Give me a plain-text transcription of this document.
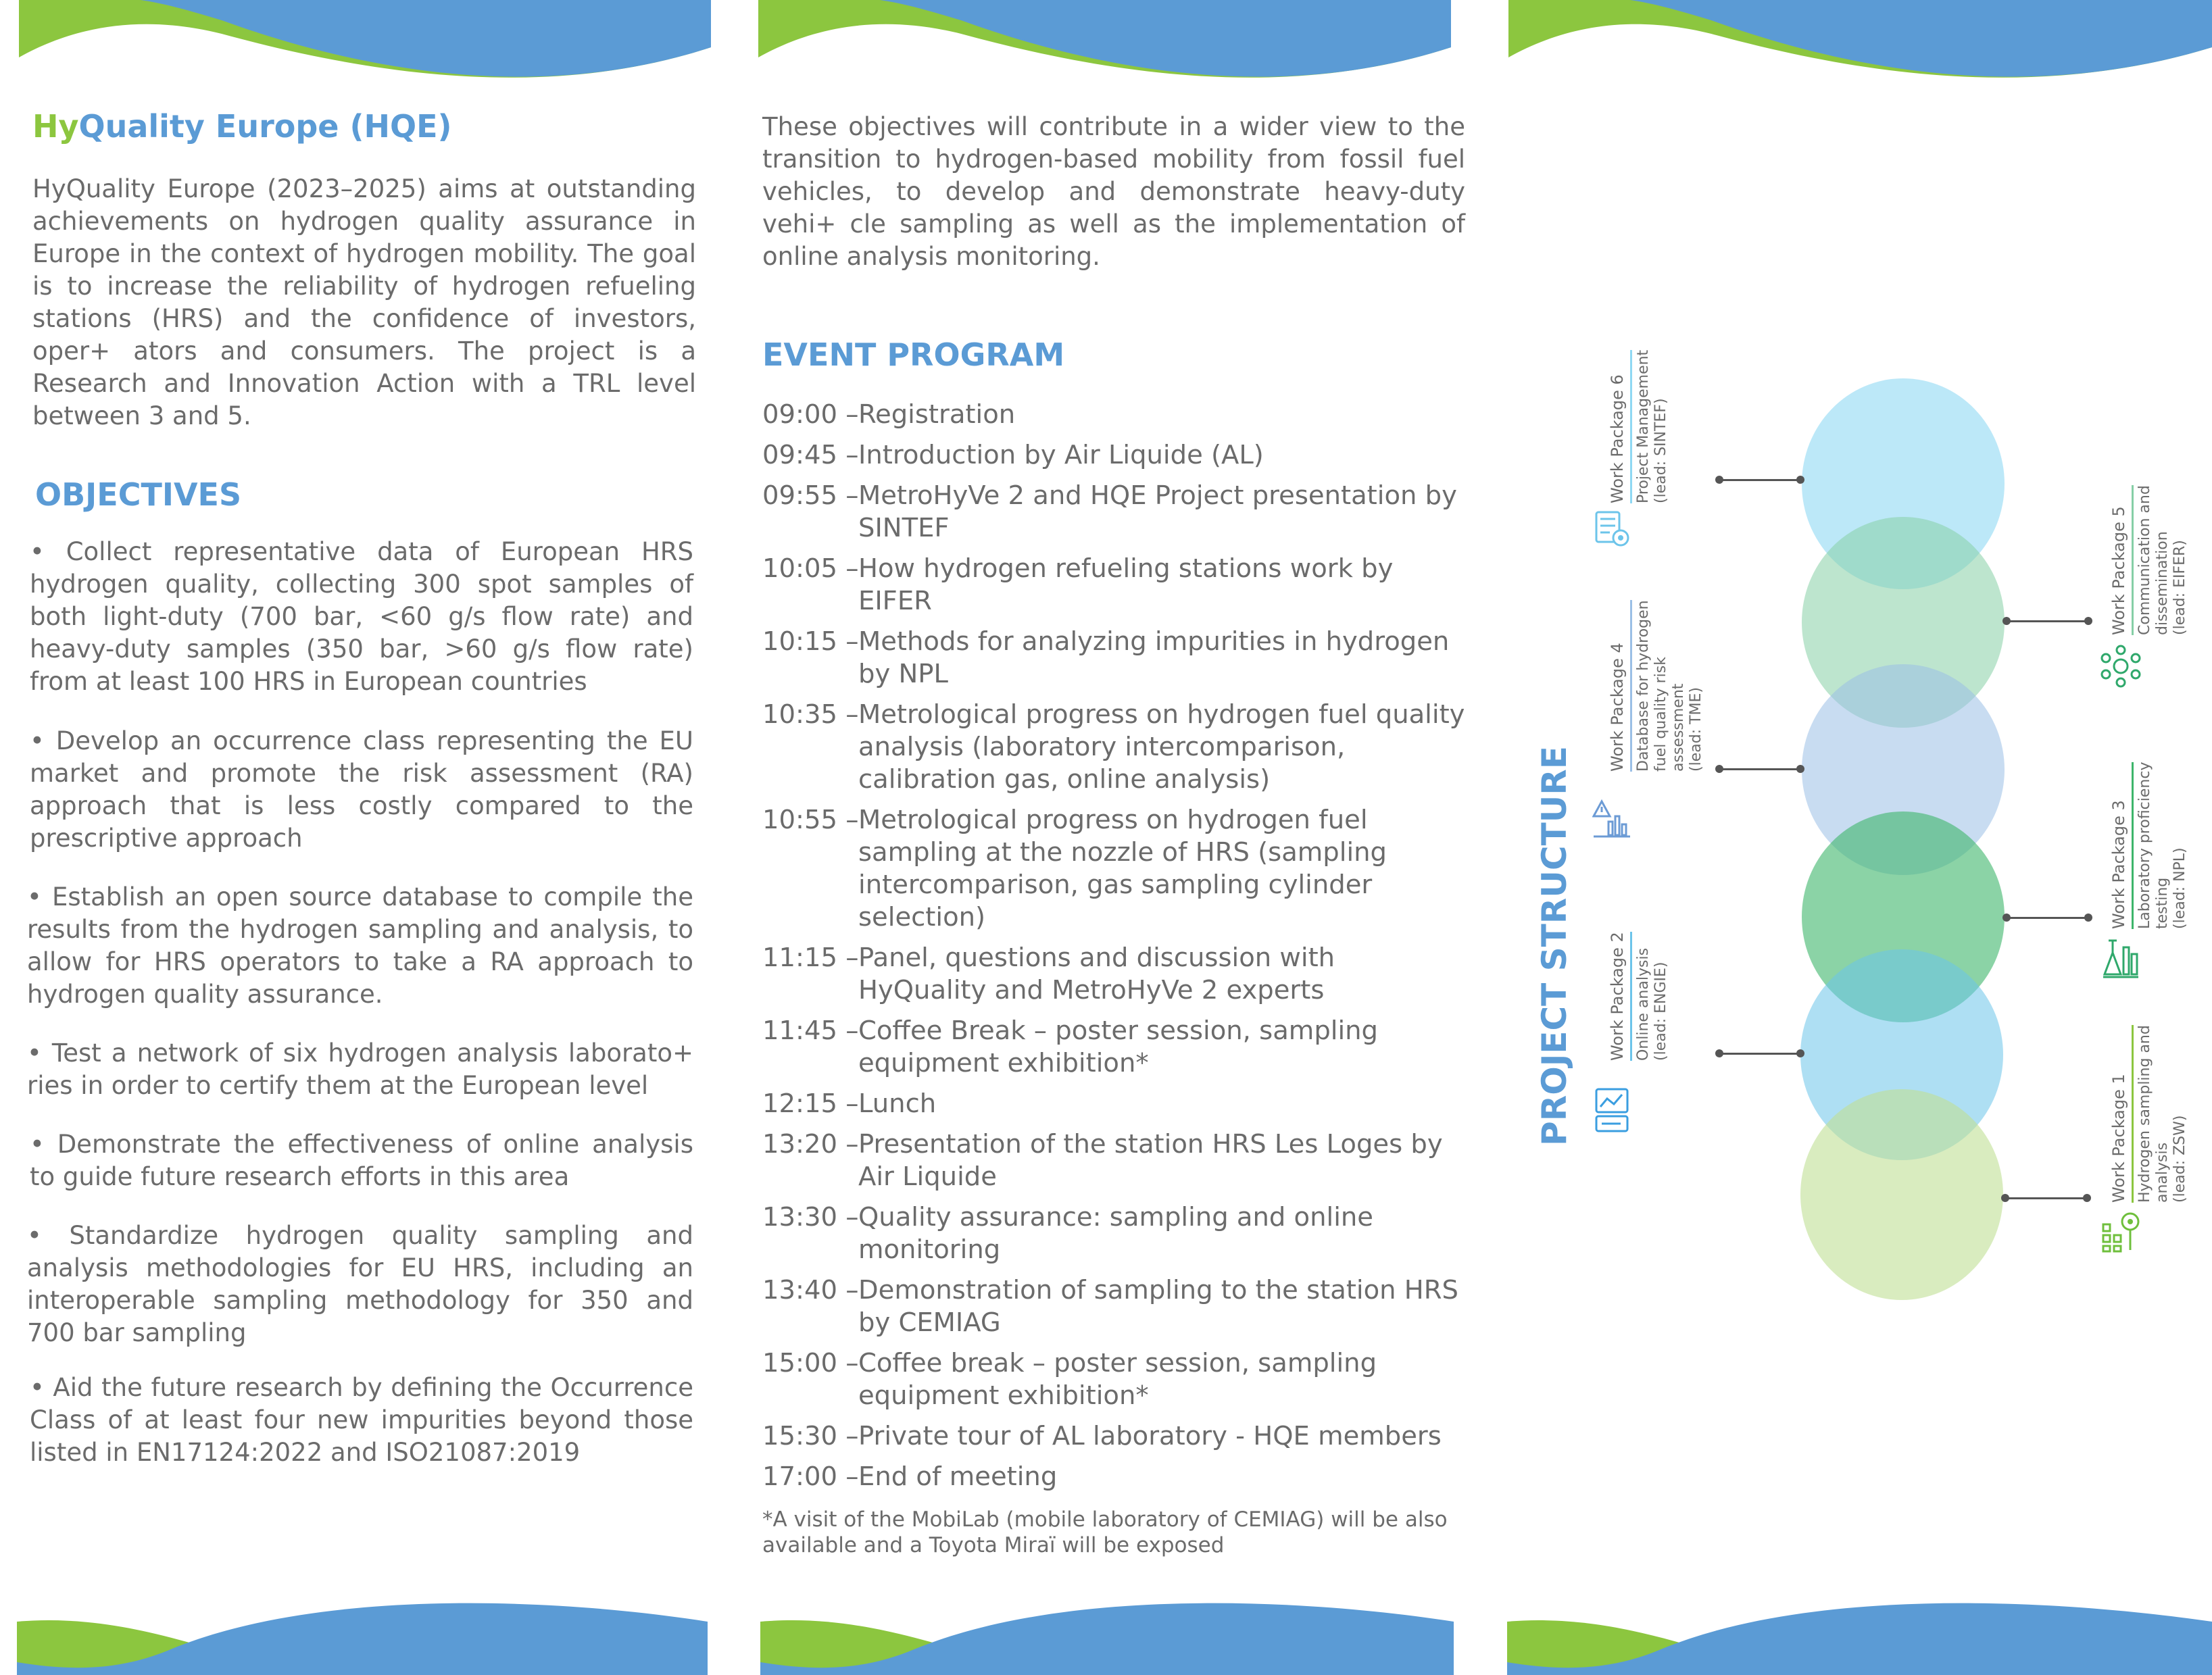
HyQuality Europe (HQE)
HyQuality Europe (2023–2025) aims at outstanding achievements on hydrogen quality assurance in Europe in the context of hydrogen mobility. The goal is to increase the reliability of hydrogen refueling stations (HRS) and the confidence of investors, oper+ ators and consumers. The project is a Research and Innovation Action with a TRL level between 3 and 5.
OBJECTIVES
• Collect representative data of European HRS hydrogen quality, collecting 300 spot samples of both light-duty (700 bar, <60 g/s flow rate) and heavy-duty samples (350 bar, >60 g/s flow rate) from at least 100 HRS in European countries
• Develop an occurrence class representing the EU market and promote the risk assessment (RA) approach that is less costly compared to the prescriptive approach
• Establish an open source database to compile the results from the hydrogen sampling and analysis, to allow for HRS operators to take a RA approach to hydrogen quality assurance.
• Test a network of six hydrogen analysis laborato+ ries in order to certify them at the European level
• Demonstrate the effectiveness of online analysis to guide future research efforts in this area
• Standardize hydrogen quality sampling and analysis methodologies for EU HRS, including an interoperable sampling methodology for 350 and 700 bar sampling
• Aid the future research by defining the Occurrence Class of at least four new impurities beyond those listed in EN17124:2022 and ISO21087:2019
These objectives will contribute in a wider view to the transition to hydrogen-based mobility from fossil fuel vehicles, to develop and demonstrate heavy-duty vehi+ cle sampling as well as the implementation of online analysis monitoring.
EVENT PROGRAM
09:00 – Registration
09:45 – Introduction by Air Liquide (AL)
09:55 – MetroHyVe 2 and HQE Project presentation by SINTEF
10:05 – How hydrogen refueling stations work by EIFER
10:15 – Methods for analyzing impurities in hydrogen by NPL
10:35 – Metrological progress on hydrogen fuel quality analysis (laboratory intercomparison, calibration gas, online analysis)
10:55 – Metrological progress on hydrogen fuel sampling at the nozzle of HRS (sampling intercomparison, gas sampling cylinder selection)
11:15 – Panel, questions and discussion with HyQuality and MetroHyVe 2 experts
11:45 – Coffee Break – poster session, sampling equipment exhibition*
12:15 – Lunch
13:20 – Presentation of the station HRS Les Loges by Air Liquide
13:30 – Quality assurance: sampling and online monitoring
13:40 – Demonstration of sampling to the station HRS by CEMIAG
15:00 – Coffee break – poster session, sampling equipment exhibition*
15:30 – Private tour of AL laboratory - HQE members
17:00 – End of meeting
*A visit of the MobiLab (mobile laboratory of CEMIAG) will be also available and a Toyota Miraï will be exposed
PROJECT STRUCTURE
Work Package 6 Project Management (lead: SINTEF)
Work Package 4 Database for hydrogen fuel quality risk assessment (lead: TME)
Work Package 2 Online analysis (lead: ENGIE)
Work Package 5 Communication and dissemination (lead: EIFER)
Work Package 3 Laboratory proficiency testing (lead: NPL)
Work Package 1 Hydrogen sampling and analysis (lead: ZSW)
